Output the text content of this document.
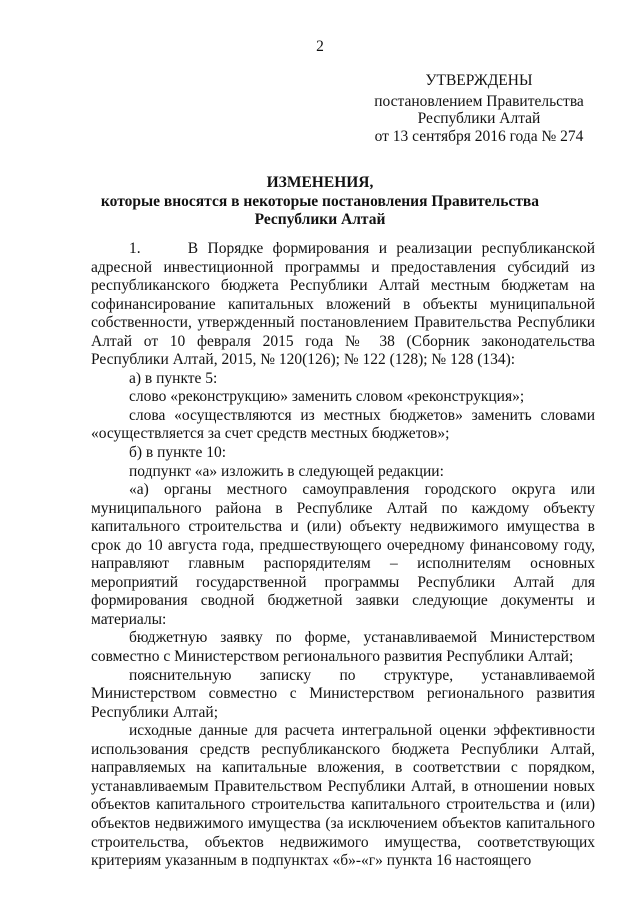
2
УТВЕРЖДЕНЫ
постановлением Правительства
Республики Алтай
от 13 сентября 2016 года № 274
ИЗМЕНЕНИЯ,
которые вносятся в некоторые постановления Правительства Республики Алтай

1.     В Порядке формирования и реализации республиканской адресной инвестиционной программы и предоставления субсидий из республиканского бюджета Республики Алтай местным бюджетам на софинансирование капитальных вложений в объекты муниципальной собственности, утвержденный постановлением Правительства Республики Алтай от 10 февраля 2015 года № 38 (Сборник законодательства Республики Алтай, 2015, № 120(126); № 122 (128); № 128 (134):

а) в пункте 5:

слово «реконструкцию» заменить словом «реконструкция»;

слова «осуществляются из местных бюджетов» заменить словами «осуществляется за счет средств местных бюджетов»;

б) в пункте 10:

подпункт «а» изложить в следующей редакции:

«а) органы местного самоуправления городского округа или муниципального района в Республике Алтай по каждому объекту капитального строительства и (или) объекту недвижимого имущества в срок до 10 августа года, предшествующего очередному финансовому году, направляют главным распорядителям – исполнителям основных мероприятий государственной программы Республики Алтай для формирования сводной бюджетной заявки следующие документы и материалы:

бюджетную заявку по форме, устанавливаемой Министерством совместно с Министерством регионального развития Республики Алтай;

пояснительную записку по структуре, устанавливаемой Министерством совместно с Министерством регионального развития Республики Алтай;

исходные данные для расчета интегральной оценки эффективности использования средств республиканского бюджета Республики Алтай, направляемых на капитальные вложения, в соответствии с порядком, устанавливаемым Правительством Республики Алтай, в отношении новых объектов капитального строительства капитального строительства и (или) объектов недвижимого имущества (за исключением объектов капитального строительства, объектов недвижимого имущества, соответствующих критериям указанным в подпунктах «б»-«г» пункта 16 настоящего
